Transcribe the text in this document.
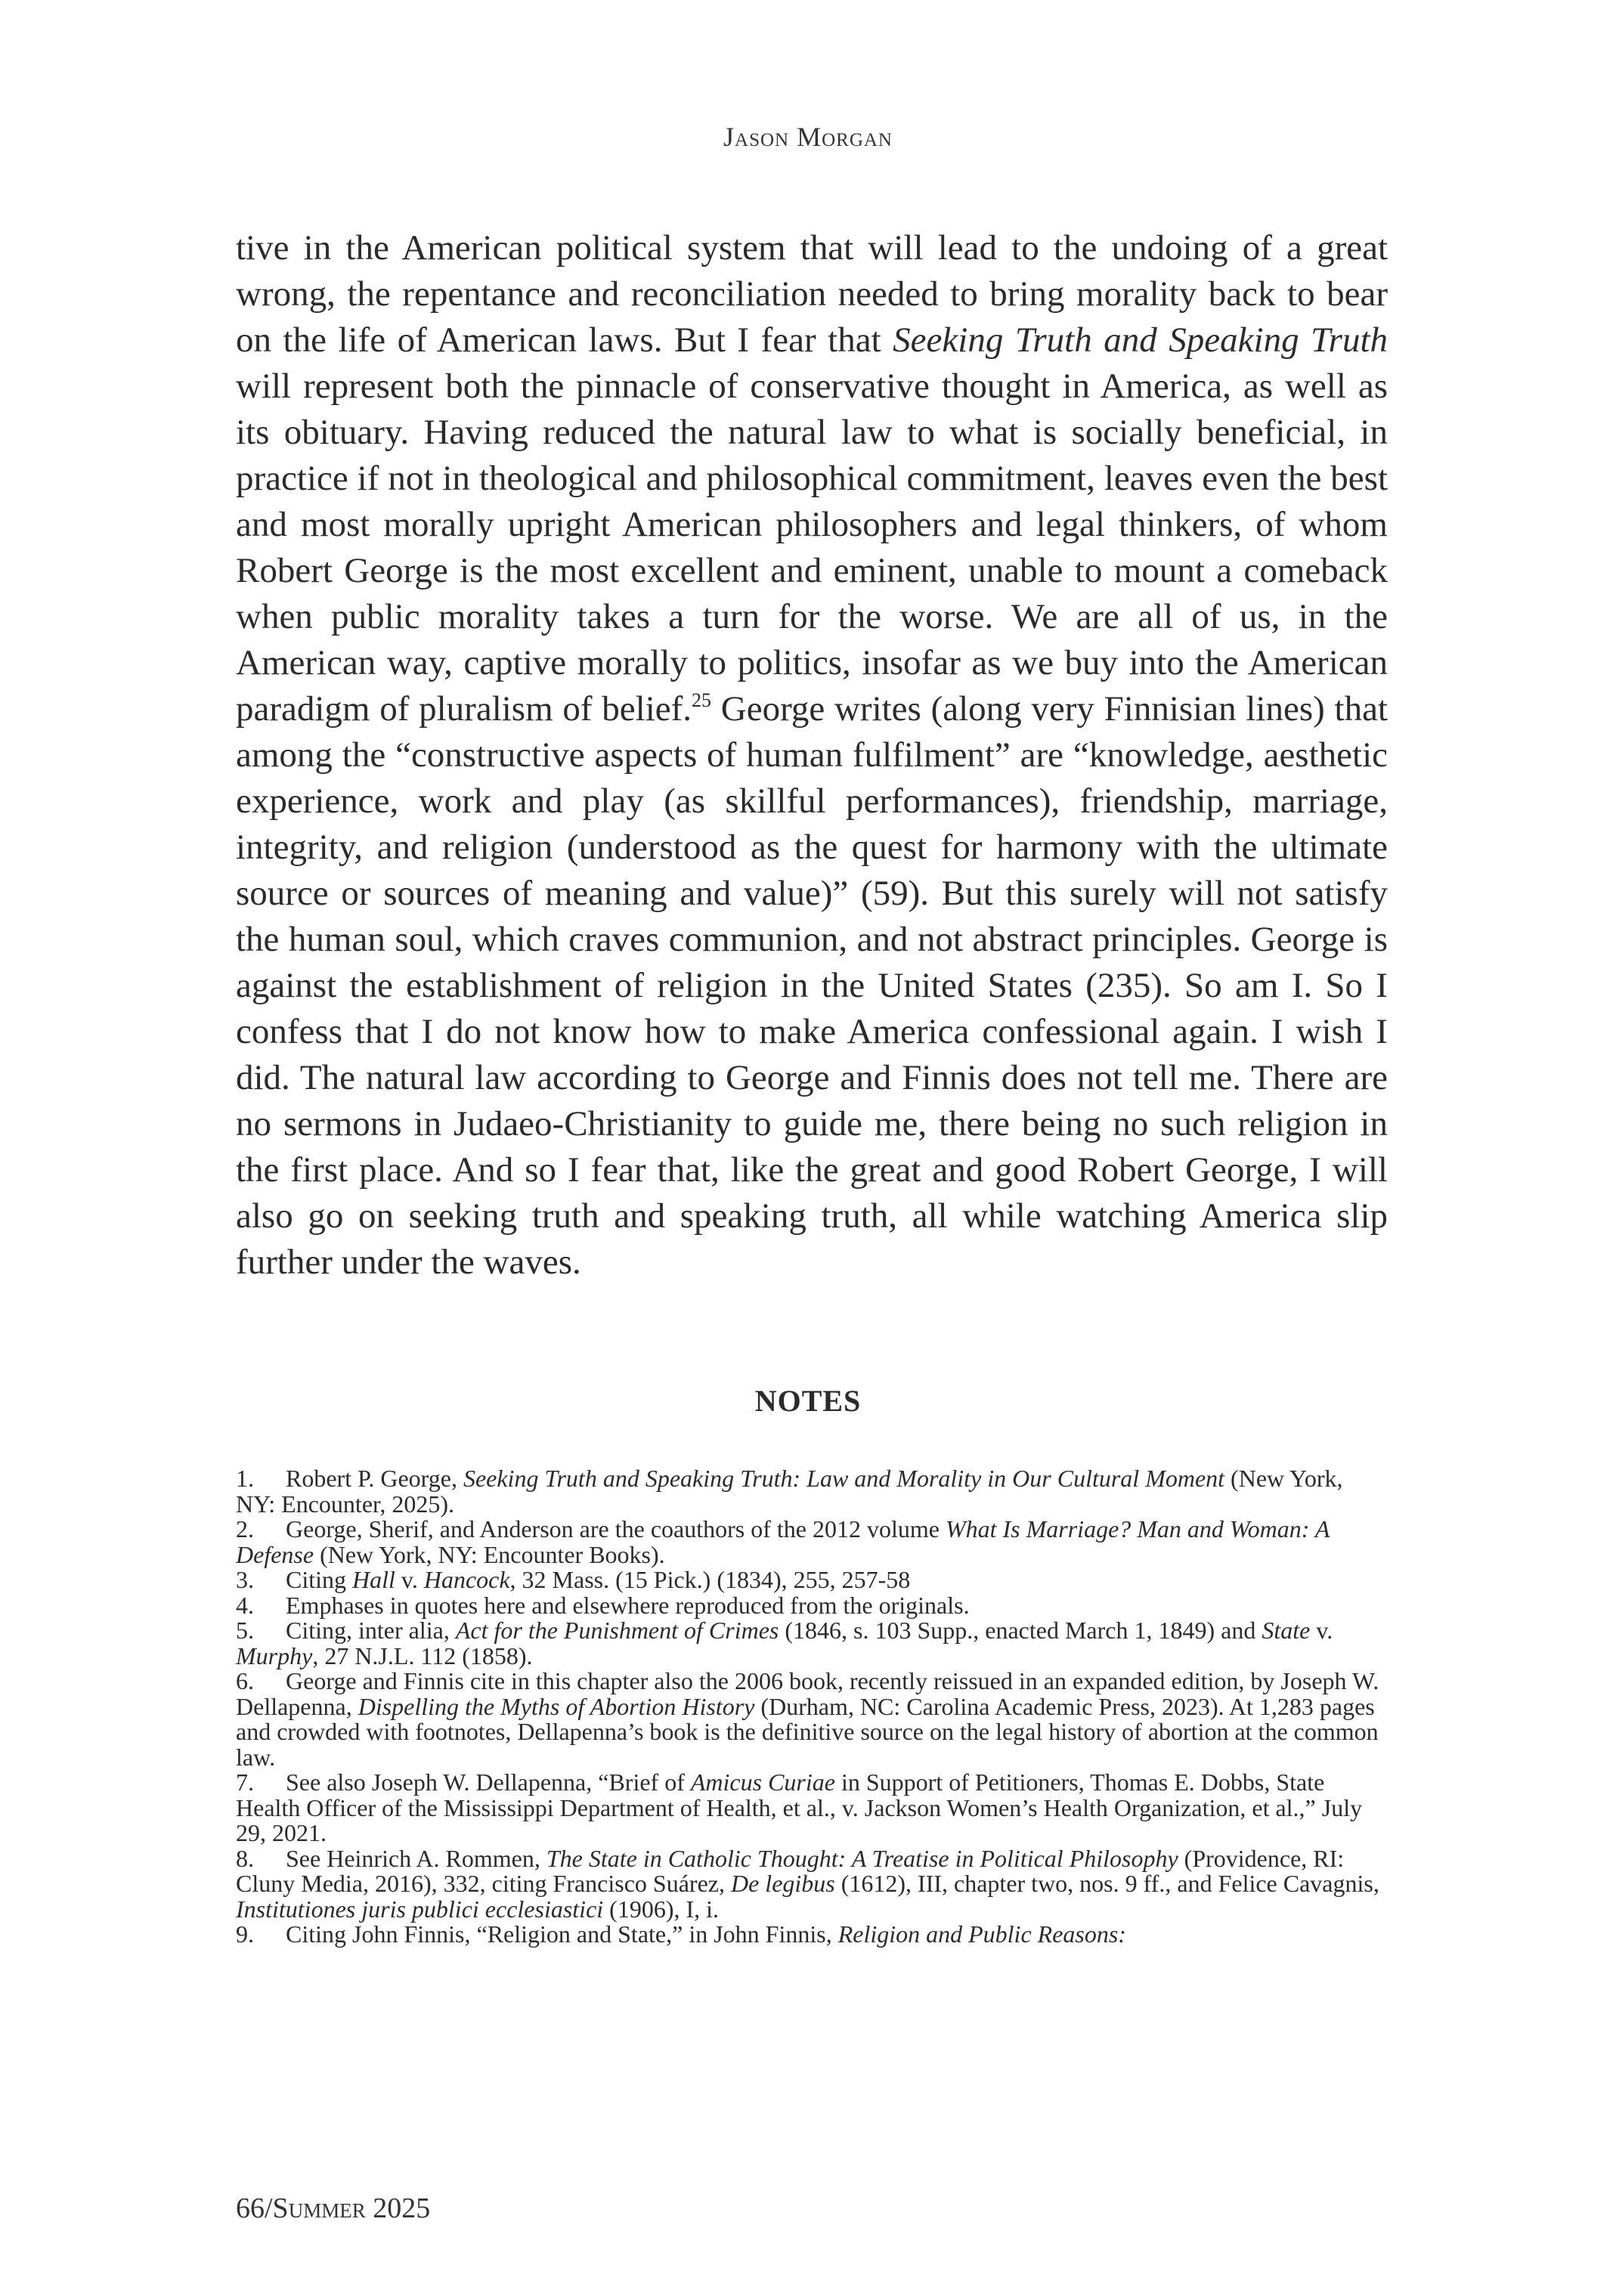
Jason Morgan
tive in the American political system that will lead to the undoing of a great wrong, the repentance and reconciliation needed to bring morality back to bear on the life of American laws. But I fear that Seeking Truth and Speaking Truth will represent both the pinnacle of conservative thought in America, as well as its obituary. Having reduced the natural law to what is socially beneficial, in practice if not in theological and philosophical commitment, leaves even the best and most morally upright American philosophers and legal thinkers, of whom Robert George is the most excellent and eminent, unable to mount a comeback when public morality takes a turn for the worse. We are all of us, in the American way, captive morally to politics, insofar as we buy into the American paradigm of pluralism of belief.$^{25}$ George writes (along very Finnisian lines) that among the “constructive aspects of human fulfilment” are “knowledge, aesthetic experience, work and play (as skillful performances), friendship, marriage, integrity, and religion (understood as the quest for harmony with the ultimate source or sources of meaning and value)” (59). But this surely will not satisfy the human soul, which craves communion, and not abstract principles. George is against the establishment of religion in the United States (235). So am I. So I confess that I do not know how to make America confessional again. I wish I did. The natural law according to George and Finnis does not tell me. There are no sermons in Judaeo-Christianity to guide me, there being no such religion in the first place. And so I fear that, like the great and good Robert George, I will also go on seeking truth and speaking truth, all while watching America slip further under the waves.
NOTES

1. Robert P. George, Seeking Truth and Speaking Truth: Law and Morality in Our Cultural Moment (New York, NY: Encounter, 2025).

2. George, Sherif, and Anderson are the coauthors of the 2012 volume What Is Marriage? Man and Woman: A Defense (New York, NY: Encounter Books).

3. Citing Hall v. Hancock, 32 Mass. (15 Pick.) (1834), 255, 257-58

4. Emphases in quotes here and elsewhere reproduced from the originals.

5. Citing, inter alia, Act for the Punishment of Crimes (1846, s. 103 Supp., enacted March 1, 1849) and State v. Murphy, 27 N.J.L. 112 (1858).

6. George and Finnis cite in this chapter also the 2006 book, recently reissued in an expanded edition, by Joseph W. Dellapenna, Dispelling the Myths of Abortion History (Durham, NC: Carolina Academic Press, 2023). At 1,283 pages and crowded with footnotes, Dellapenna’s book is the definitive source on the legal history of abortion at the common law.

7. See also Joseph W. Dellapenna, “Brief of Amicus Curiae in Support of Petitioners, Thomas E. Dobbs, State Health Officer of the Mississippi Department of Health, et al., v. Jackson Women’s Health Organization, et al.,” July 29, 2021.

8. See Heinrich A. Rommen, The State in Catholic Thought: A Treatise in Political Philosophy (Providence, RI: Cluny Media, 2016), 332, citing Francisco Suárez, De legibus (1612), III, chapter two, nos. 9 ff., and Felice Cavagnis, Institutiones juris publici ecclesiastici (1906), I, i.

9. Citing John Finnis, “Religion and State,” in John Finnis, Religion and Public Reasons:

66/Summer 2025
